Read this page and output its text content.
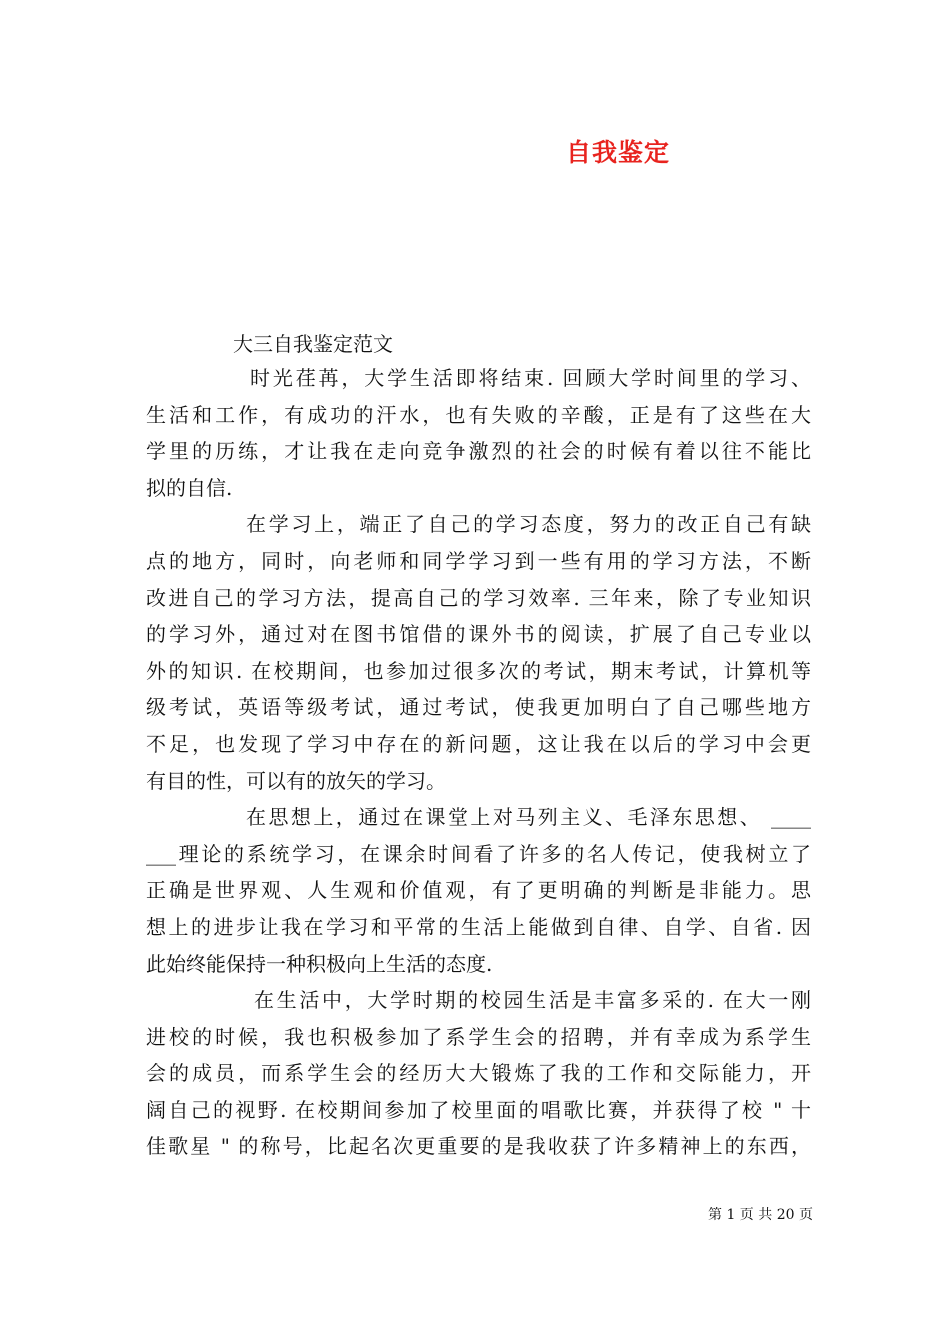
自我鉴定
大三自我鉴定范文
时光荏苒，大学生活即将结束. 回顾大学时间里的学习、
生活和工作，有成功的汗水，也有失败的辛酸，正是有了这些在大
学里的历练，才让我在走向竞争激烈的社会的时候有着以往不能比
拟的自信.
在学习上，端正了自己的学习态度，努力的改正自己有缺
点的地方，同时，向老师和同学学习到一些有用的学习方法，不断
改进自己的学习方法，提高自己的学习效率. 三年来，除了专业知识
的学习外，通过对在图书馆借的课外书的阅读，扩展了自己专业以
外的知识. 在校期间，也参加过很多次的考试，期末考试，计算机等
级考试，英语等级考试，通过考试，使我更加明白了自己哪些地方
不足，也发现了学习中存在的新问题，这让我在以后的学习中会更
有目的性，可以有的放矢的学习。
在思想上，通过在课堂上对马列主义、毛泽东思想、 ____
___理论的系统学习，在课余时间看了许多的名人传记，使我树立了
正确是世界观、人生观和价值观，有了更明确的判断是非能力。思
想上的进步让我在学习和平常的生活上能做到自律、自学、自省. 因
此始终能保持一种积极向上生活的态度.
在生活中，大学时期的校园生活是丰富多采的. 在大一刚
进校的时候，我也积极参加了系学生会的招聘，并有幸成为系学生
会的成员，而系学生会的经历大大锻炼了我的工作和交际能力，开
阔自己的视野. 在校期间参加了校里面的唱歌比赛，并获得了校 " 十
佳歌星 " 的称号，比起名次更重要的是我收获了许多精神上的东西，
第 1 页 共 20 页
